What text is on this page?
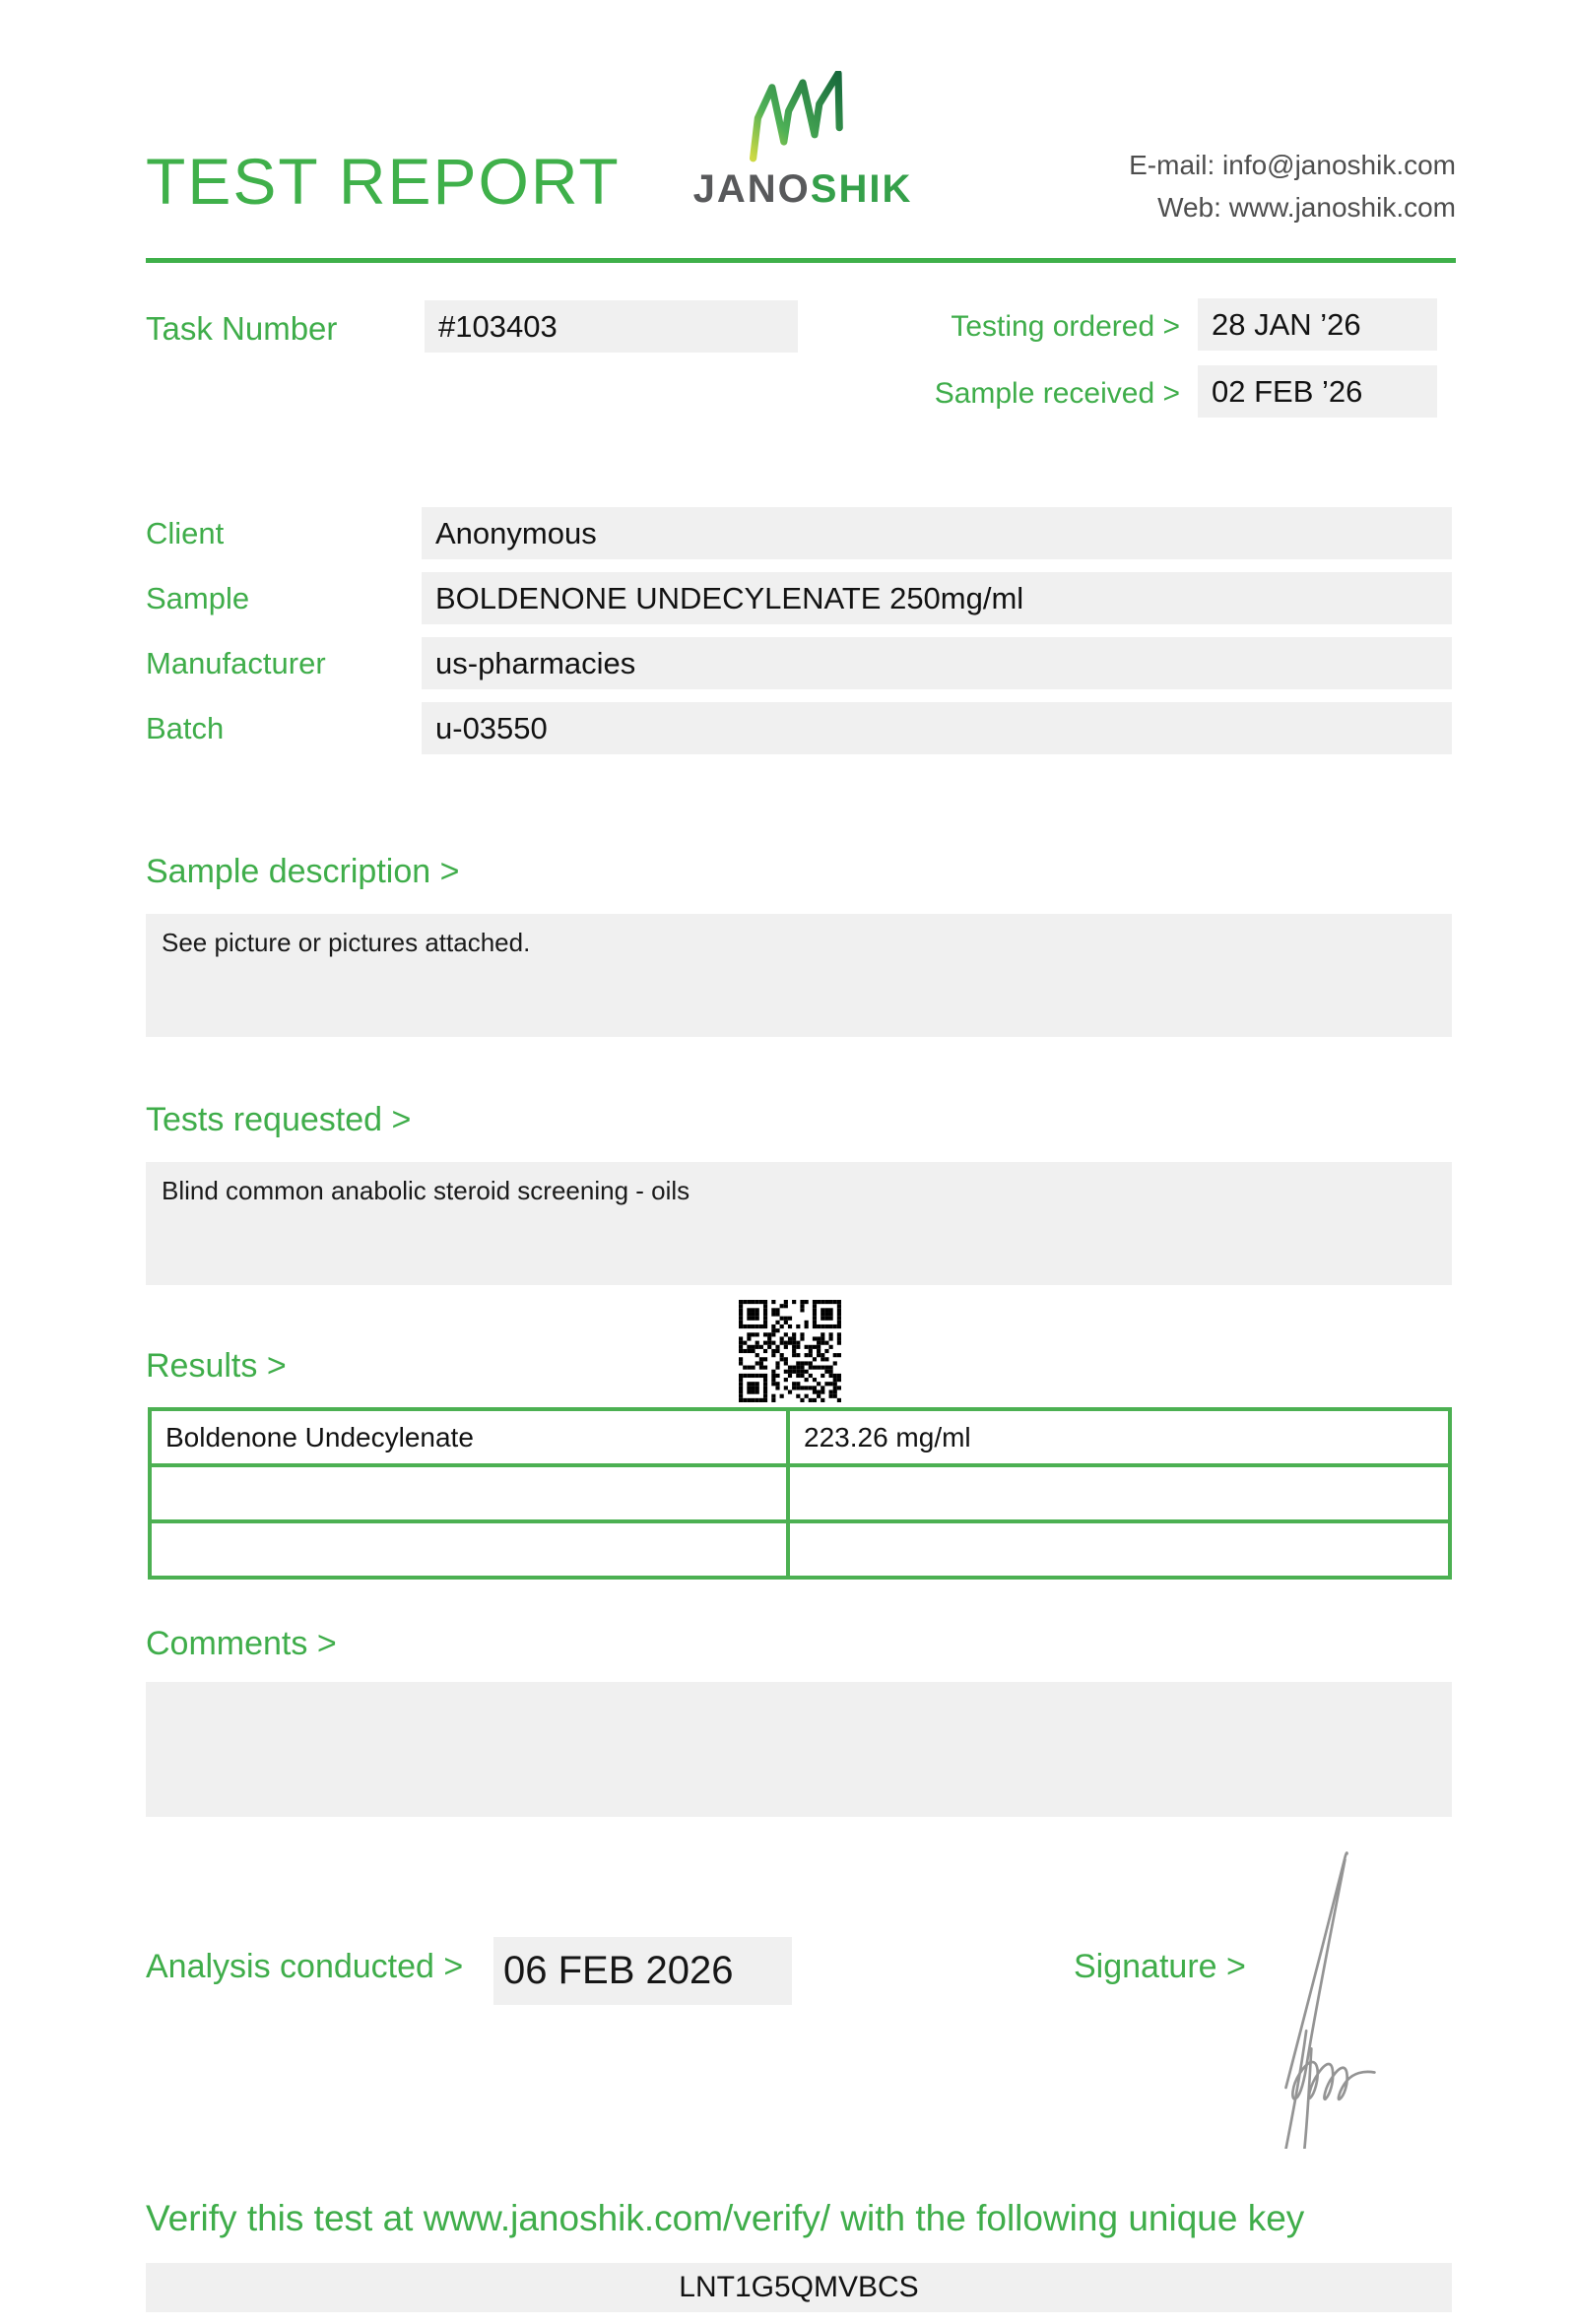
TEST REPORT	JANOSHIK
E-mail: info@janoshik.com
Web: www.janoshik.com
Task Number	#103403	Testing ordered >	28 JAN ’26
Sample received >	02 FEB ’26
Client	Anonymous
Sample	BOLDENONE UNDECYLENATE 250mg/ml
Manufacturer	us-pharmacies
Batch	u-03550
Sample description >
See picture or pictures attached.
Tests requested >
Blind common anabolic steroid screening - oils
Results >
Boldenone Undecylenate	223.26 mg/ml

Comments >
Analysis conducted > 06 FEB 2026	Signature >
Verify this test at www.janoshik.com/verify/ with the following unique key
LNT1G5QMVBCS
